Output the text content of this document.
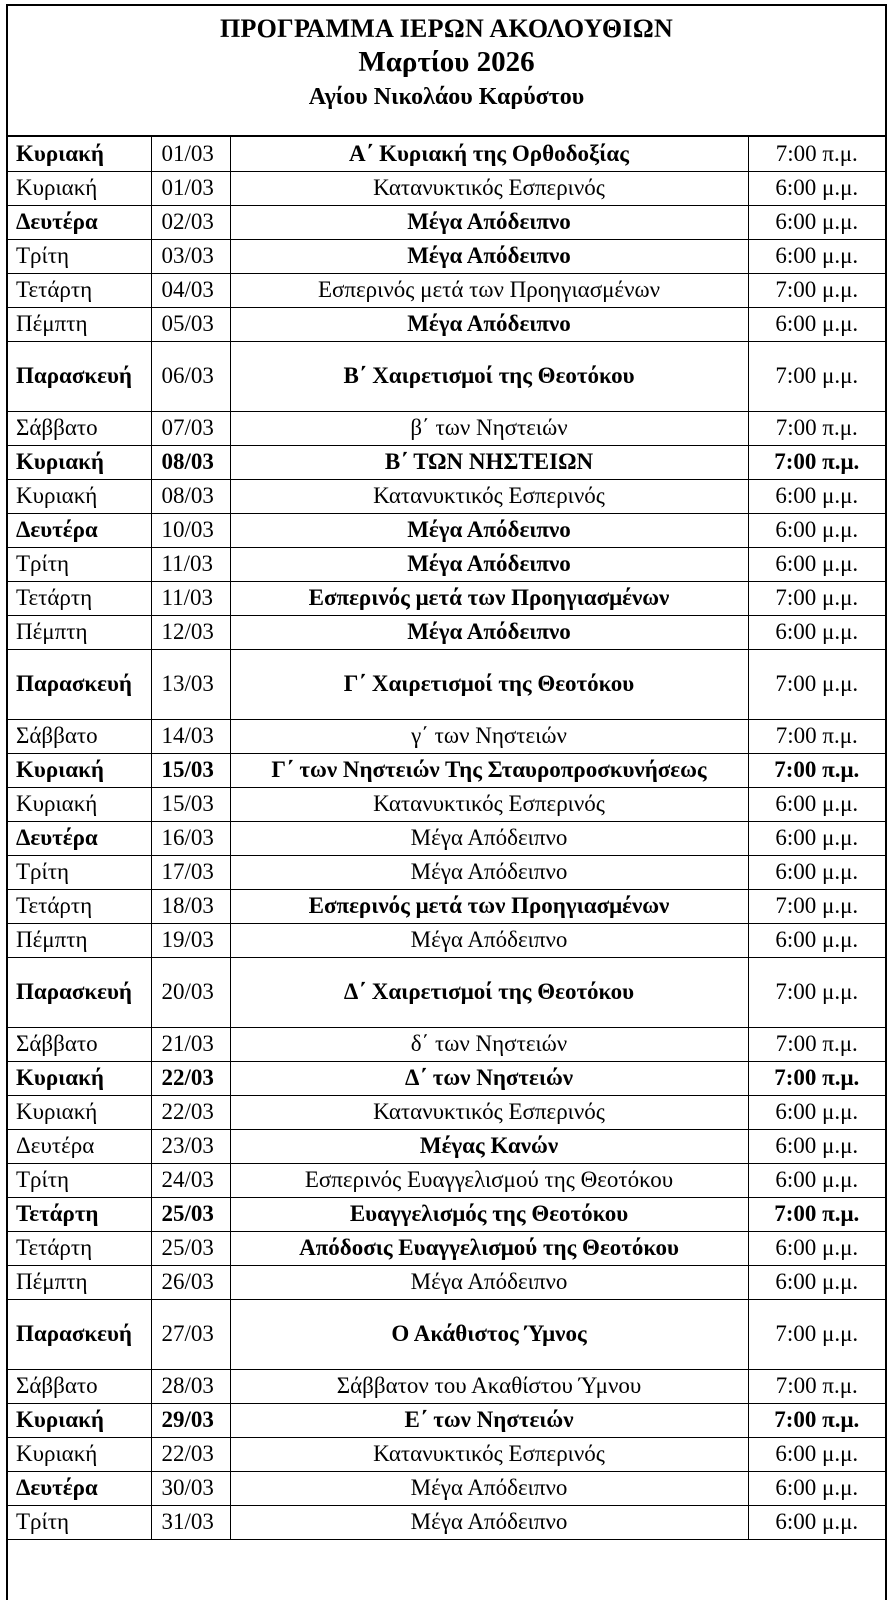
ΠΡΟΓΡΑΜΜΑ ΙΕΡΩΝ ΑΚΟΛΟΥΘΙΩΝ
Μαρτίου 2026
Αγίου Νικολάου Καρύστου
Κυριακή	01/03	Α΄ Κυριακή της Ορθοδοξίας	7:00 π.μ.
Κυριακή	01/03	Κατανυκτικός Εσπερινός	6:00 μ.μ.
Δευτέρα	02/03	Μέγα Απόδειπνο	6:00 μ.μ.
Τρίτη	03/03	Μέγα Απόδειπνο	6:00 μ.μ.
Τετάρτη	04/03	Εσπερινός μετά των Προηγιασμένων	7:00 μ.μ.
Πέμπτη	05/03	Μέγα Απόδειπνο	6:00 μ.μ.
Παρασκευή	06/03	Β΄ Χαιρετισμοί της Θεοτόκου	7:00 μ.μ.
Σάββατο	07/03	β΄ των Νηστειών	7:00 π.μ.
Κυριακή	08/03	Β΄ ΤΩΝ ΝΗΣΤΕΙΩΝ	7:00 π.μ.
Κυριακή	08/03	Κατανυκτικός Εσπερινός	6:00 μ.μ.
Δευτέρα	10/03	Μέγα Απόδειπνο	6:00 μ.μ.
Τρίτη	11/03	Μέγα Απόδειπνο	6:00 μ.μ.
Τετάρτη	11/03	Εσπερινός μετά των Προηγιασμένων	7:00 μ.μ.
Πέμπτη	12/03	Μέγα Απόδειπνο	6:00 μ.μ.
Παρασκευή	13/03	Γ΄ Χαιρετισμοί της Θεοτόκου	7:00 μ.μ.
Σάββατο	14/03	γ΄ των Νηστειών	7:00 π.μ.
Κυριακή	15/03	Γ΄ των Νηστειών Της Σταυροπροσκυνήσεως	7:00 π.μ.
Κυριακή	15/03	Κατανυκτικός Εσπερινός	6:00 μ.μ.
Δευτέρα	16/03	Μέγα Απόδειπνο	6:00 μ.μ.
Τρίτη	17/03	Μέγα Απόδειπνο	6:00 μ.μ.
Τετάρτη	18/03	Εσπερινός μετά των Προηγιασμένων	7:00 μ.μ.
Πέμπτη	19/03	Μέγα Απόδειπνο	6:00 μ.μ.
Παρασκευή	20/03	Δ΄ Χαιρετισμοί της Θεοτόκου	7:00 μ.μ.
Σάββατο	21/03	δ΄ των Νηστειών	7:00 π.μ.
Κυριακή	22/03	Δ΄ των Νηστειών	7:00 π.μ.
Κυριακή	22/03	Κατανυκτικός Εσπερινός	6:00 μ.μ.
Δευτέρα	23/03	Μέγας Κανών	6:00 μ.μ.
Τρίτη	24/03	Εσπερινός Ευαγγελισμού της Θεοτόκου	6:00 μ.μ.
Τετάρτη	25/03	Ευαγγελισμός της Θεοτόκου	7:00 π.μ.
Τετάρτη	25/03	Απόδοσις Ευαγγελισμού της Θεοτόκου	6:00 μ.μ.
Πέμπτη	26/03	Μέγα Απόδειπνο	6:00 μ.μ.
Παρασκευή	27/03	Ο Ακάθιστος Ύμνος	7:00 μ.μ.
Σάββατο	28/03	Σάββατον του Ακαθίστου Ύμνου	7:00 π.μ.
Κυριακή	29/03	Ε΄ των Νηστειών	7:00 π.μ.
Κυριακή	22/03	Κατανυκτικός Εσπερινός	6:00 μ.μ.
Δευτέρα	30/03	Μέγα Απόδειπνο	6:00 μ.μ.
Τρίτη	31/03	Μέγα Απόδειπνο	6:00 μ.μ.
